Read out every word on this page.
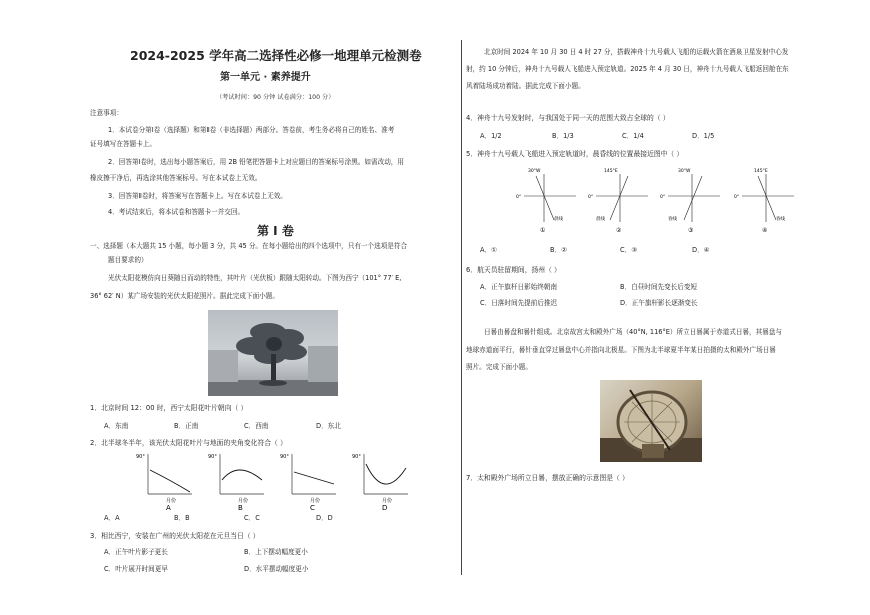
2024-2025 学年高二选择性必修一地理单元检测卷
第一单元 · 素养提升
（考试时间：90 分钟 试卷满分：100 分）
注意事项：
1．本试卷分第Ⅰ卷（选择题）和第Ⅱ卷（非选择题）两部分。答卷前，考生务必将自己的姓名、准考
证号填写在答题卡上。
2．回答第Ⅰ卷时，选出每小题答案后，用 2B 铅笔把答题卡上对应题目的答案标号涂黑。如需改动，用
橡皮擦干净后，再选涂其他答案标号。写在本试卷上无效。
3．回答第Ⅱ卷时，将答案写在答题卡上。写在本试卷上无效。
4．考试结束后，将本试卷和答题卡一并交回。
第 Ⅰ 卷
一、选择题（本大题共 15 小题，每小题 3 分，共 45 分。在每小题给出的四个选项中，只有一个选项是符合
题目要求的）
光伏太阳花模仿向日葵随日而动的特性，其叶片（光伏板）跟随太阳转动。下图为西宁（101° 77′ E,
36° 62′ N）某广场安装的光伏太阳花照片。据此完成下面小题。
1．北京时间 12：00 时，西宁太阳花叶片朝向（ ）
A．东南	B．正南	C．西南	D．东北
2．北半球冬半年，该光伏太阳花叶片与地面的夹角变化符合（ ）
90°
月份
A
90°
月份
B
90°
月份
C
90°
月份
D
A．A	B．B	C．C	D．D
3．相比西宁，安装在广州的光伏太阳花在元旦当日（ ）
A．正午叶片影子更长	B．上下摆动幅度更小
C．叶片展开时间更早	D．水平摆动幅度更小
北京时间 2024 年 10 月 30 日 4 时 27 分，搭载神舟十九号载人飞船的运载火箭在酒泉卫星发射中心发
射，约 10 分钟后，神舟十九号载人飞船进入预定轨道。2025 年 4 月 30 日，神舟十九号载人飞船返回舱在东
风着陆场成功着陆。据此完成下面小题。
4．神舟十九号发射时，与我国处于同一天的范围大致占全球的（ ）
A．1/2	B．1/3	C．1/4	D．1/5
5．神舟十九号载人飞船进入预定轨道时，晨昏线的位置最接近图中（ ）
30°W
0°
晨线
①
145°E
0°
晨线
②
30°W
0°
昏线
③
145°E
0°
昏线
④
A．①	B．②	C．③	D．④
6．航天员驻留期间，扬州（ ）
A．正午旗杆日影始终朝南	B．白昼时间先变长后变短
C．日落时间先提前后推迟	D．正午旗杆影长逐渐变长
日晷由晷盘和晷针组成。北京故宫太和殿外广场（40°N, 116°E）所立日晷属于赤道式日晷，其晷盘与
地球赤道面平行，晷针垂直穿过晷盘中心并指向北极星。下图为北半球夏半年某日拍摄的太和殿外广场日晷
照片。完成下面小题。
7．太和殿外广场所立日晷，摆放正确的示意图是（ ）
